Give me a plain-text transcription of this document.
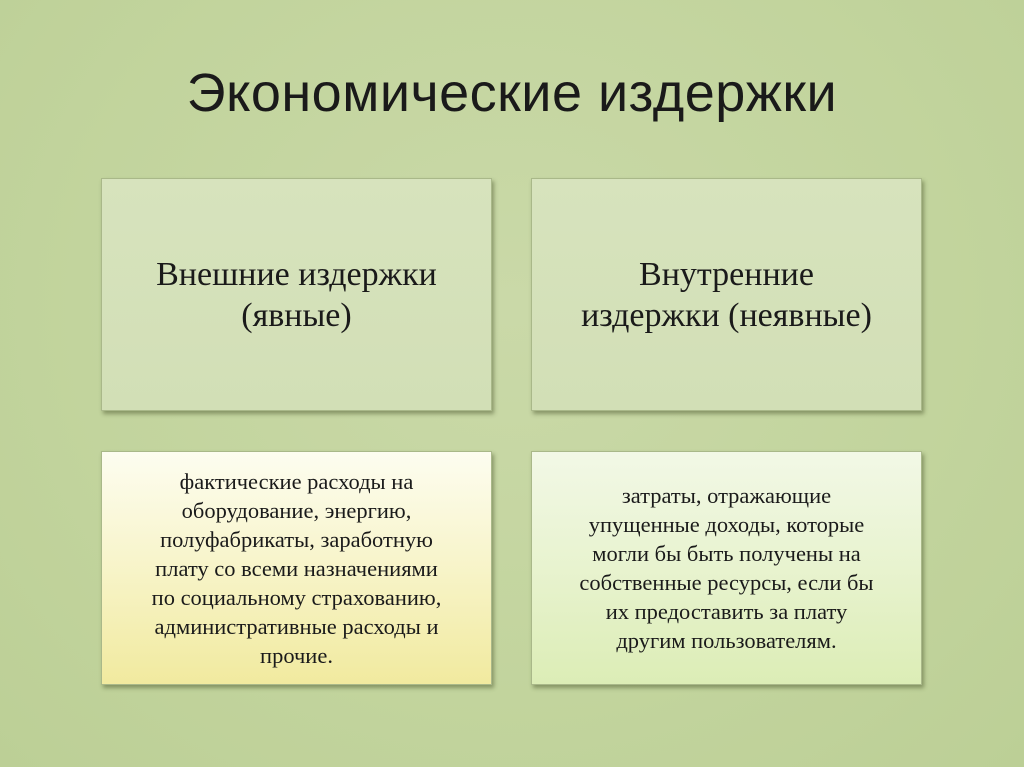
Экономические издержки
Внешние издержки
(явные)
Внутренние
издержки (неявные)
фактические расходы на
оборудование, энергию,
полуфабрикаты, заработную
плату со всеми назначениями
по социальному страхованию,
административные расходы и
прочие.
затраты, отражающие
упущенные доходы, которые
могли бы быть получены на
собственные ресурсы, если бы
их предоставить за плату
другим пользователям.
